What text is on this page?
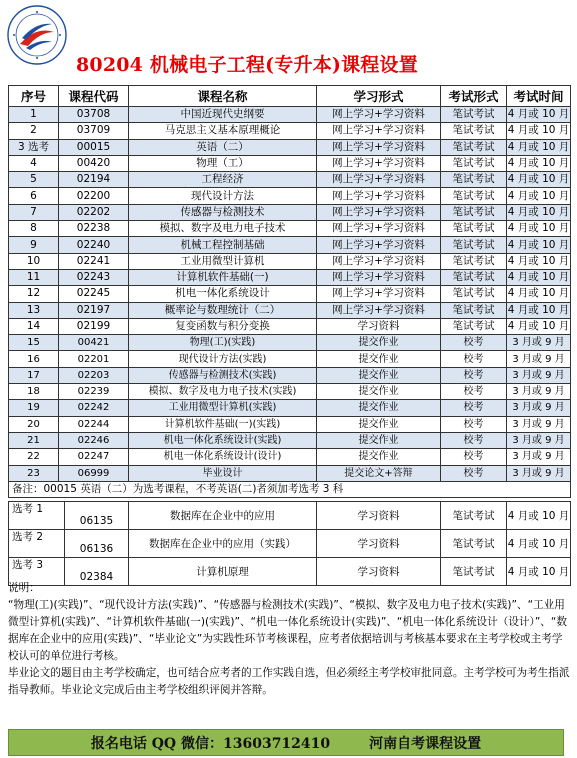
80204 机械电子工程(专升本)课程设置
序号	课程代码	课程名称	学习形式	考试形式	考试时间
1	03708	中国近现代史纲要	网上学习+学习资料	笔试考试	4 月或 10 月
2	03709	马克思主义基本原理概论	网上学习+学习资料	笔试考试	4 月或 10 月
3 选考	00015	英语（二）	网上学习+学习资料	笔试考试	4 月或 10 月
4	00420	物理（工）	网上学习+学习资料	笔试考试	4 月或 10 月
5	02194	工程经济	网上学习+学习资料	笔试考试	4 月或 10 月
6	02200	现代设计方法	网上学习+学习资料	笔试考试	4 月或 10 月
7	02202	传感器与检测技术	网上学习+学习资料	笔试考试	4 月或 10 月
8	02238	模拟、数字及电力电子技术	网上学习+学习资料	笔试考试	4 月或 10 月
9	02240	机械工程控制基础	网上学习+学习资料	笔试考试	4 月或 10 月
10	02241	工业用微型计算机	网上学习+学习资料	笔试考试	4 月或 10 月
11	02243	计算机软件基础(一)	网上学习+学习资料	笔试考试	4 月或 10 月
12	02245	机电一体化系统设计	网上学习+学习资料	笔试考试	4 月或 10 月
13	02197	概率论与数理统计（二）	网上学习+学习资料	笔试考试	4 月或 10 月
14	02199	复变函数与积分变换	学习资料	笔试考试	4 月或 10 月
15	00421	物理(工)(实践)	提交作业	校考	3 月或 9 月
16	02201	现代设计方法(实践)	提交作业	校考	3 月或 9 月
17	02203	传感器与检测技术(实践)	提交作业	校考	3 月或 9 月
18	02239	模拟、数字及电力电子技术(实践)	提交作业	校考	3 月或 9 月
19	02242	工业用微型计算机(实践)	提交作业	校考	3 月或 9 月
20	02244	计算机软件基础(一)(实践)	提交作业	校考	3 月或 9 月
21	02246	机电一体化系统设计(实践)	提交作业	校考	3 月或 9 月
22	02247	机电一体化系统设计(设计)	提交作业	校考	3 月或 9 月
23	06999	毕业设计	提交论文+答辩	校考	3 月或 9 月
备注：00015 英语（二）为选考课程，不考英语(二)者须加考选考 3 科					
选考 1	06135	数据库在企业中的应用	学习资料	笔试考试	4 月或 10 月
选考 2	06136	数据库在企业中的应用（实践）	学习资料	笔试考试	4 月或 10 月
选考 3	02384	计算机原理	学习资料	笔试考试	4 月或 10 月

说明：

“物理(工)(实践)”、“现代设计方法(实践)”、“传感器与检测技术(实践)”、“模拟、数字及电力电子技术(实践)”、“工业用微型计算机(实践)”、“计算机软件基础(一)(实践)”、“机电一体化系统设计(实践)”、“机电一体化系统设计（设计）”、“数据库在企业中的应用(实践)”、“毕业论文”为实践性环节考核课程，应考者依据培训与考核基本要求在主考学校或主考学校认可的单位进行考核。

毕业论文的题目由主考学校确定，也可结合应考者的工作实践自选，但必须经主考学校审批同意。主考学校可为考生指派指导教师。毕业论文完成后由主考学校组织评阅并答辩。

报名电话 QQ 微信：13603712410
	河南自考课程设置
